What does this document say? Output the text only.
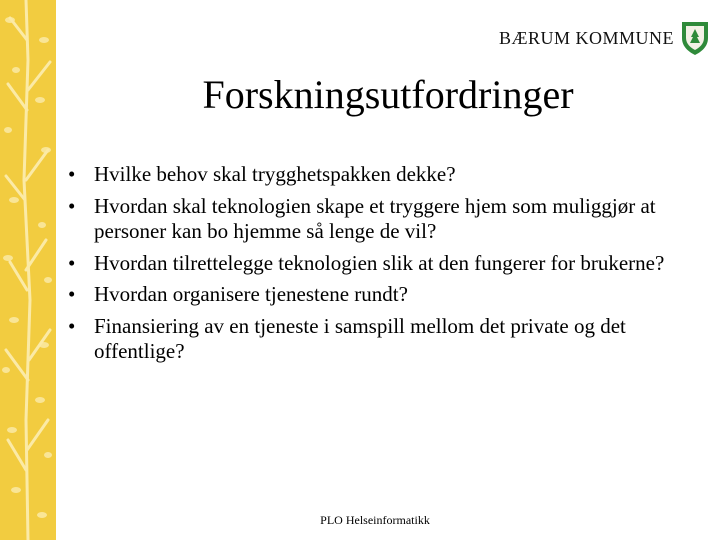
BÆRUM KOMMUNE
Forskningsutfordringer
• Hvilke behov skal trygghetspakken dekke?
• Hvordan skal teknologien skape et tryggere hjem som muliggjør at personer kan bo hjemme så lenge de vil?
• Hvordan tilrettelegge teknologien slik at den fungerer for brukerne?
• Hvordan organisere tjenestene rundt?
• Finansiering av en tjeneste i samspill mellom det private og det offentlige?
PLO Helseinformatikk
